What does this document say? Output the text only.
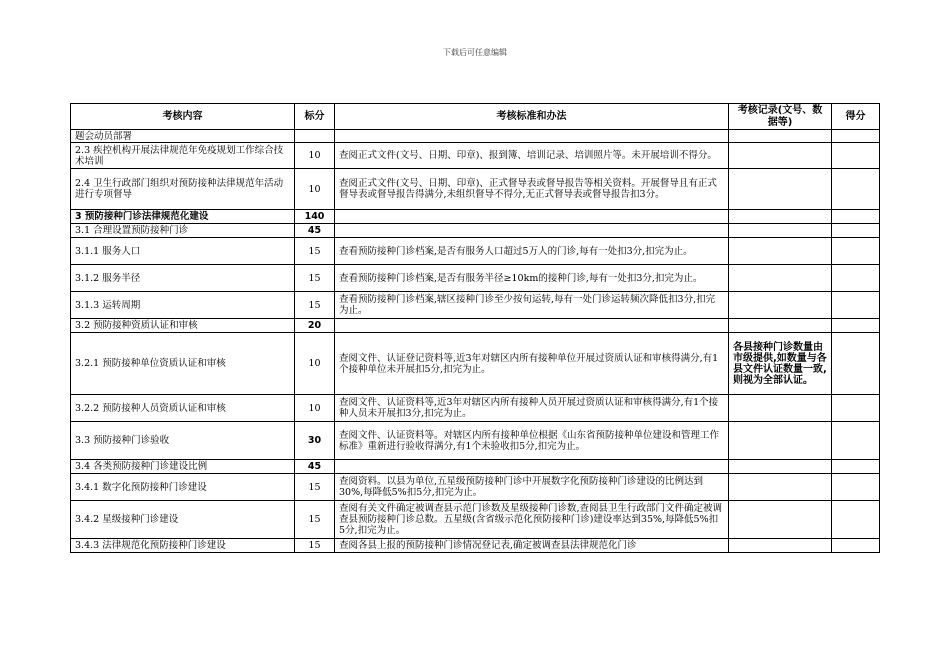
下载后可任意编辑
考核内容	标分	考核标准和办法	考核记录(文号、数据等)	得分
题会动员部署				
2.3 疾控机构开展法律规范年免疫规划工作综合技术培训	10	查阅正式文件(文号、日期、印章)、报到簿、培训记录、培训照片等。未开展培训不得分。		
2.4 卫生行政部门组织对预防接种法律规范年活动进行专项督导	10	查阅正式文件(文号、日期、印章)、正式督导表或督导报告等相关资料。开展督导且有正式督导表或督导报告得满分,未组织督导不得分,无正式督导表或督导报告扣3分。		
3 预防接种门诊法律规范化建设	140			
3.1 合理设置预防接种门诊	45			
3.1.1 服务人口	15	查看预防接种门诊档案,是否有服务人口超过5万人的门诊,每有一处扣3分,扣完为止。		
3.1.2 服务半径	15	查看预防接种门诊档案,是否有服务半径≥10km的接种门诊,每有一处扣3分,扣完为止。		
3.1.3 运转周期	15	查看预防接种门诊档案,辖区接种门诊至少按旬运转,每有一处门诊运转频次降低扣3分,扣完为止。		
3.2 预防接种资质认证和审核	20			
3.2.1 预防接种单位资质认证和审核	10	查阅文件、认证登记资料等,近3年对辖区内所有接种单位开展过资质认证和审核得满分,有1个接种单位未开展扣5分,扣完为止。	各县接种门诊数量由市级提供,如数量与各县文件认证数量一致,则视为全部认证。	
3.2.2 预防接种人员资质认证和审核	10	查阅文件、认证资料等,近3年对辖区内所有接种人员开展过资质认证和审核得满分,有1个接种人员未开展扣3分,扣完为止。		
3.3 预防接种门诊验收	30	查阅文件、认证资料等。对辖区内所有接种单位根据《山东省预防接种单位建设和管理工作标准》重新进行验收得满分,有1个未验收扣5分,扣完为止。		
3.4 各类预防接种门诊建设比例	45			
3.4.1 数字化预防接种门诊建设	15	查阅资料。以县为单位,五星级预防接种门诊中开展数字化预防接种门诊建设的比例达到30%,每降低5%扣5分,扣完为止。		
3.4.2 星级接种门诊建设	15	查阅有关文件确定被调查县示范门诊数及星级接种门诊数,查阅县卫生行政部门文件确定被调查县预防接种门诊总数。五星级(含省级示范化预防接种门诊)建设率达到35%,每降低5%扣5分,扣完为止。		
3.4.3 法律规范化预防接种门诊建设	15	查阅各县上报的预防接种门诊情况登记表,确定被调查县法律规范化门诊		
